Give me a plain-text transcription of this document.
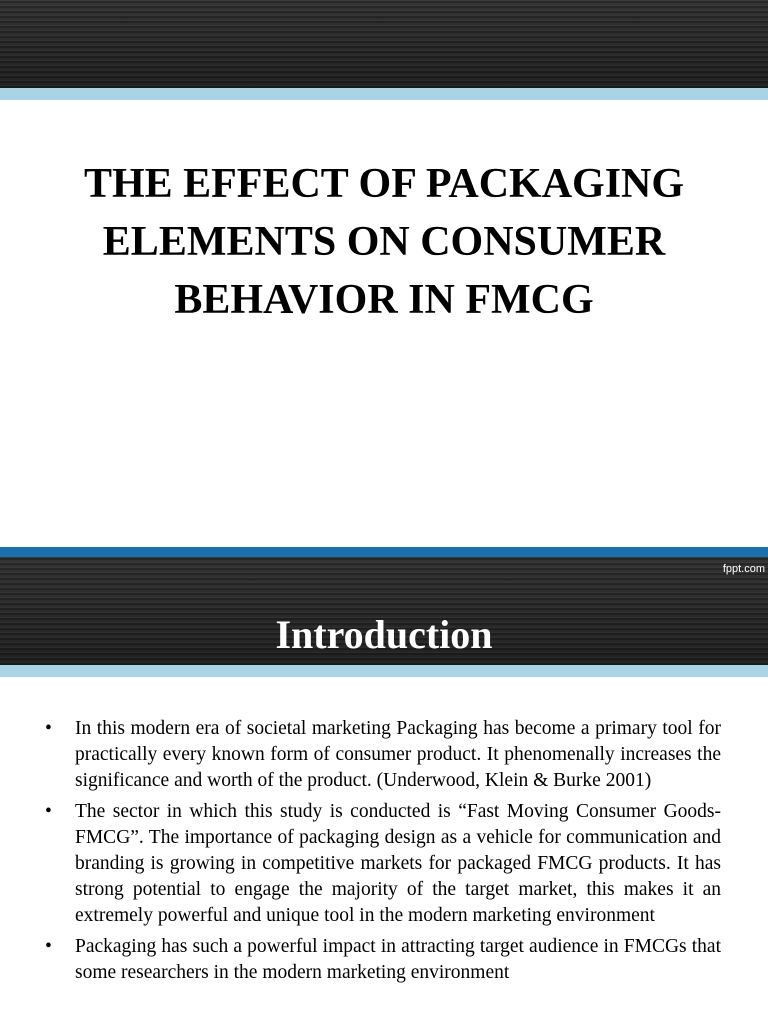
THE EFFECT OF PACKAGING
ELEMENTS ON CONSUMER
BEHAVIOR IN FMCG
fppt.com
Introduction
• In this modern era of societal marketing Packaging has become a primary tool for practically every known form of consumer product. It phenomenally increases the significance and worth of the product. (Underwood, Klein & Burke 2001)
• The sector in which this study is conducted is “Fast Moving Consumer Goods-FMCG”. The importance of packaging design as a vehicle for communication and branding is growing in competitive markets for packaged FMCG products. It has strong potential to engage the majority of the target market, this makes it an extremely powerful and unique tool in the modern marketing environment
• Packaging has such a powerful impact in attracting target audience in FMCGs that some researchers in the modern marketing environment
